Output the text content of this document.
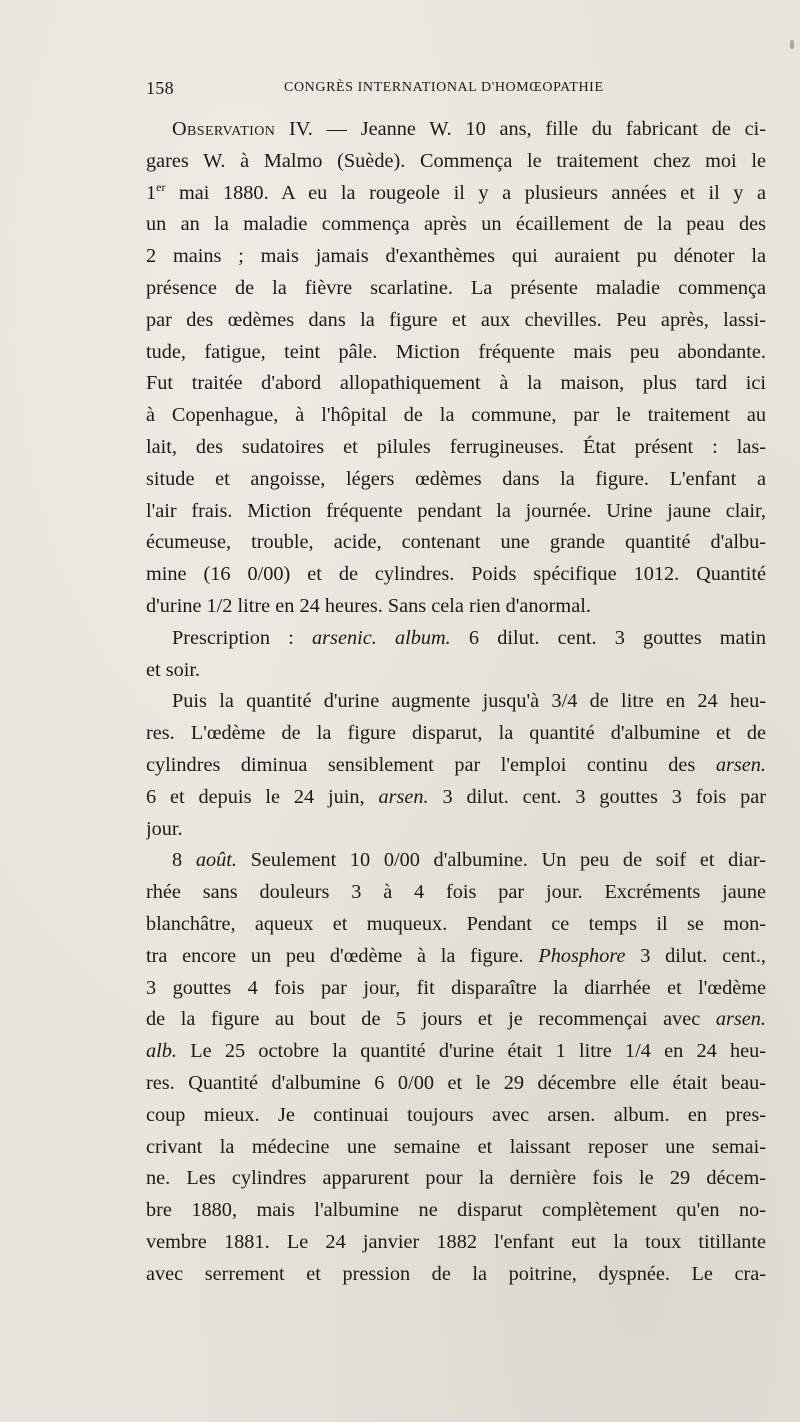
158	CONGRÈS INTERNATIONAL D'HOMŒOPATHIE
Observation IV. — Jeanne W. 10 ans, fille du fabricant de ci-
gares W. à Malmo (Suède). Commença le traitement chez moi le
1er mai 1880. A eu la rougeole il y a plusieurs années et il y a
un an la maladie commença après un écaillement de la peau des
2 mains ; mais jamais d'exanthèmes qui auraient pu dénoter la
présence de la fièvre scarlatine. La présente maladie commença
par des œdèmes dans la figure et aux chevilles. Peu après, lassi-
tude, fatigue, teint pâle. Miction fréquente mais peu abondante.
Fut traitée d'abord allopathiquement à la maison, plus tard ici
à Copenhague, à l'hôpital de la commune, par le traitement au
lait, des sudatoires et pilules ferrugineuses. État présent : las-
situde et angoisse, légers œdèmes dans la figure. L'enfant a
l'air frais. Miction fréquente pendant la journée. Urine jaune clair,
écumeuse, trouble, acide, contenant une grande quantité d'albu-
mine (16 0/00) et de cylindres. Poids spécifique 1012. Quantité
d'urine 1/2 litre en 24 heures. Sans cela rien d'anormal.
Prescription : arsenic. album. 6 dilut. cent. 3 gouttes matin
et soir.
Puis la quantité d'urine augmente jusqu'à 3/4 de litre en 24 heu-
res. L'œdème de la figure disparut, la quantité d'albumine et de
cylindres diminua sensiblement par l'emploi continu des arsen.
6 et depuis le 24 juin, arsen. 3 dilut. cent. 3 gouttes 3 fois par
jour.
8 août. Seulement 10 0/00 d'albumine. Un peu de soif et diar-
rhée sans douleurs 3 à 4 fois par jour. Excréments jaune
blanchâtre, aqueux et muqueux. Pendant ce temps il se mon-
tra encore un peu d'œdème à la figure. Phosphore 3 dilut. cent.,
3 gouttes 4 fois par jour, fit disparaître la diarrhée et l'œdème
de la figure au bout de 5 jours et je recommençai avec arsen.
alb. Le 25 octobre la quantité d'urine était 1 litre 1/4 en 24 heu-
res. Quantité d'albumine 6 0/00 et le 29 décembre elle était beau-
coup mieux. Je continuai toujours avec arsen. album. en pres-
crivant la médecine une semaine et laissant reposer une semai-
ne. Les cylindres apparurent pour la dernière fois le 29 décem-
bre 1880, mais l'albumine ne disparut complètement qu'en no-
vembre 1881. Le 24 janvier 1882 l'enfant eut la toux titillante
avec serrement et pression de la poitrine, dyspnée. Le cra-
